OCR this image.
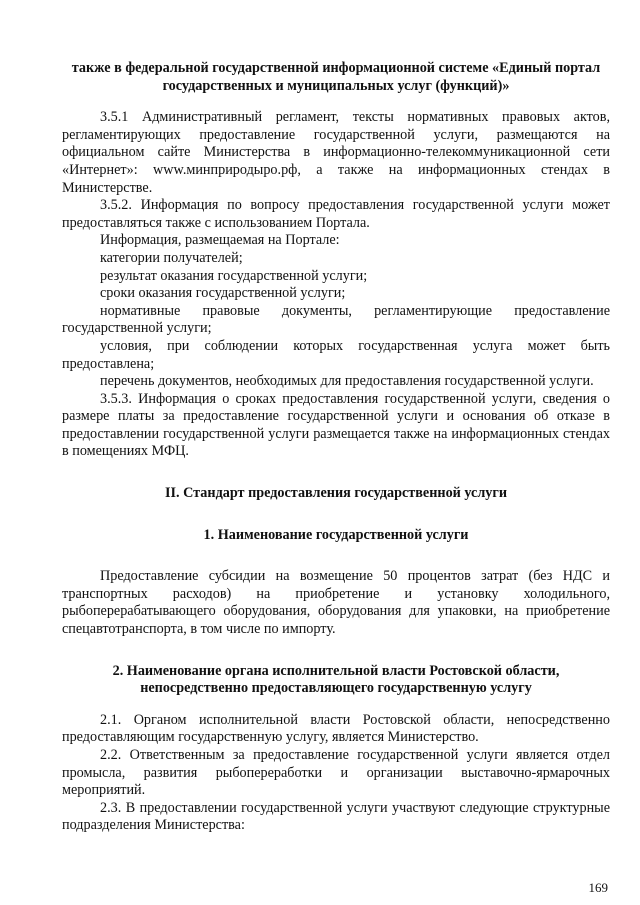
также в федеральной государственной информационной системе «Единый портал государственных и муниципальных услуг (функций)»

3.5.1 Административный регламент, тексты нормативных правовых актов, регламентирующих предоставление государственной услуги, размещаются на официальном сайте Министерства в информационно-телекоммуникационной сети «Интернет»: www.минприродыро.рф, а также на информационных стендах в Министерстве.

3.5.2. Информация по вопросу предоставления государственной услуги может предоставляться также с использованием Портала.

Информация, размещаемая на Портале:

категории получателей;

результат оказания государственной услуги;

сроки оказания государственной услуги;

нормативные правовые документы, регламентирующие предоставление государственной услуги;

условия, при соблюдении которых государственная услуга может быть предоставлена;

перечень документов, необходимых для предоставления государственной услуги.

3.5.3. Информация о сроках предоставления государственной услуги, сведения о размере платы за предоставление государственной услуги и основания об отказе в предоставлении государственной услуги размещается также на информационных стендах в помещениях МФЦ.

II. Стандарт предоставления государственной услуги
1. Наименование государственной услуги

Предоставление субсидии на возмещение 50 процентов затрат (без НДС и транспортных расходов) на приобретение и установку холодильного, рыбоперерабатывающего оборудования, оборудования для упаковки, на приобретение спецавтотранспорта, в том числе по импорту.

2. Наименование органа исполнительной власти Ростовской области, непосредственно предоставляющего государственную услугу

2.1. Органом исполнительной власти Ростовской области, непосредственно предоставляющим государственную услугу, является Министерство.

2.2. Ответственным за предоставление государственной услуги является отдел промысла, развития рыбопереработки и организации выставочно-ярмарочных мероприятий.

2.3. В предоставлении государственной услуги участвуют следующие структурные подразделения Министерства:

169
